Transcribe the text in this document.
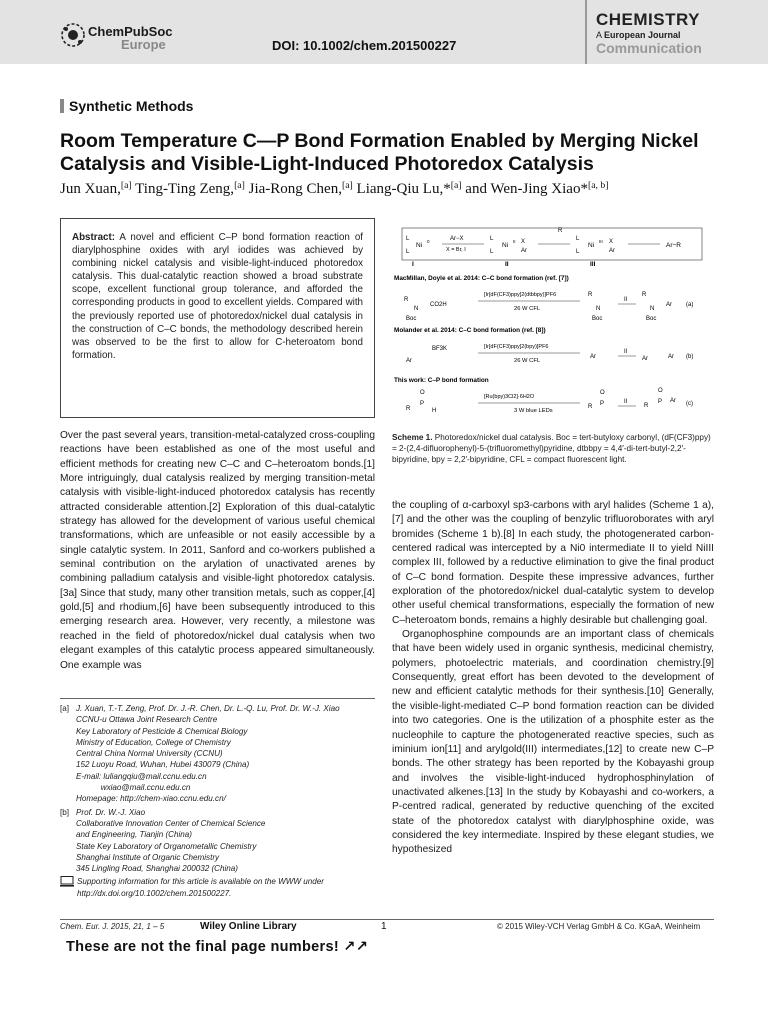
ChemPubSoc
Europe	DOI: 10.1002/chem.201500227
CHEMISTRY
A European Journal
Communication
Synthetic Methods
Room Temperature C—P Bond Formation Enabled by Merging Nickel Catalysis and Visible-Light-Induced Photoredox Catalysis
Jun Xuan,[a] Ting-Ting Zeng,[a] Jia-Rong Chen,[a] Liang-Qiu Lu,*[a] and Wen-Jing Xiao*[a, b]
Abstract: A novel and efficient C–P bond formation reaction of diarylphosphine oxides with aryl iodides was achieved by combining nickel catalysis and visible-light-induced photoredox catalysis. This dual-catalytic reaction showed a broad substrate scope, excellent functional group tolerance, and afforded the corresponding products in good to excellent yields. Compared with the previously reported use of photoredox/nickel dual catalysis in the construction of C–C bonds, the methodology described herein was observed to be the first to allow for C-heteroatom bond formation.
L
L
Ni
0
I
Ar−X
X = Br, I
L
L
Ni
II X
Ar
II
R
L
L
Ni
III X
Ar
III
Ar−R
MacMillan, Doyle et al. 2014: C–C bond formation (ref. [7])
R
N
CO2H
Boc
[Ir[dF(CF3)ppy]2(dtbbpy)]PF6
26 W CFL
R
N
Boc
II
R
N
Ar
Boc
(a)
Molander et al. 2014: C–C bond formation (ref. [8])
BF3K
Ar
[Ir[dF(CF3)ppy]2(bpy)]PF6
26 W CFL
Ar
II
Ar	Ar (b)
This work: C–P bond formation
O
P
R	H
[Ru(bpy)3Cl2]·6H2O
3 W blue LEDs
O
P
R
II
O
P
R
Ar (c)
Scheme 1. Photoredox/nickel dual catalysis. Boc = tert-butyloxy carbonyl, (dF(CF3)ppy) = 2-(2,4-difluorophenyl)-5-(trifluoromethyl)pyridine, dtbbpy = 4,4′-di-tert-butyl-2,2′-bipyridine, bpy = 2,2′-bipyridine, CFL = compact fluorescent light.
Over the past several years, transition-metal-catalyzed cross-coupling reactions have been established as one of the most useful and efficient methods for creating new C–C and C–heteroatom bonds.[1] More intriguingly, dual catalysis realized by merging transition-metal catalysis with visible-light-induced photoredox catalysis has recently attracted considerable attention.[2] Exploration of this dual-catalytic strategy has allowed for the development of various useful chemical transformations, which are unfeasible or not easily accessible by a single catalytic system. In 2011, Sanford and co-workers published a seminal contribution on the arylation of unactivated arenes by combining palladium catalysis and visible-light photoredox catalysis.[3a] Since that study, many other transition metals, such as copper,[4] gold,[5] and rhodium,[6] have been subsequently introduced to this emerging research area. However, very recently, a milestone was reached in the field of photoredox/nickel dual catalysis when two elegant examples of this catalytic process appeared simultaneously. One example was
the coupling of α-carboxyl sp3-carbons with aryl halides (Scheme 1 a),[7] and the other was the coupling of benzylic trifluoroborates with aryl bromides (Scheme 1 b).[8] In each study, the photogenerated carbon-centered radical was intercepted by a Ni0 intermediate II to yield NiIII complex III, followed by a reductive elimination to give the final product of C–C bond formation. Despite these impressive advances, further exploration of the photoredox/nickel dual-catalytic system to develop other useful chemical transformations, especially the formation of new C–heteroatom bonds, remains a highly desirable but challenging goal.
Organophosphine compounds are an important class of chemicals that have been widely used in organic synthesis, medicinal chemistry, polymers, photoelectric materials, and coordination chemistry.[9] Consequently, great effort has been devoted to the development of new and efficient catalytic methods for their synthesis.[10] Generally, the visible-light-mediated C–P bond formation reaction can be divided into two categories. One is the utilization of a phosphite ester as the nucleophile to capture the photogenerated reactive species, such as iminium ion[11] and arylgold(III) intermediates,[12] to create new C–P bonds. The other strategy has been reported by the Kobayashi group and involves the visible-light-induced hydrophosphinylation of unactivated alkenes.[13] In the study by Kobayashi and co-workers, a P-centred radical, generated by reductive quenching of the excited state of the photoredox catalyst with diarylphosphine oxide, was considered the key intermediate. Inspired by these elegant studies, we hypothesized
[a] J. Xuan, T.-T. Zeng, Prof. Dr. J.-R. Chen, Dr. L.-Q. Lu, Prof. Dr. W.-J. Xiao
CCNU-u Ottawa Joint Research Centre
Key Laboratory of Pesticide & Chemical Biology
Ministry of Education, College of Chemistry
Central China Normal University (CCNU)
152 Luoyu Road, Wuhan, Hubei 430079 (China)
E-mail: luliangqiu@mail.ccnu.edu.cn
wxiao@mail.ccnu.edu.cn
Homepage: http://chem-xiao.ccnu.edu.cn/
[b] Prof. Dr. W.-J. Xiao
Collaborative Innovation Center of Chemical Science
and Engineering, Tianjin (China)
State Key Laboratory of Organometallic Chemistry
Shanghai Institute of Organic Chemistry
345 Lingling Road, Shanghai 200032 (China)
Supporting information for this article is available on the WWW under
http://dx.doi.org/10.1002/chem.201500227.
Chem. Eur. J. 2015, 21, 1 – 5	Wiley Online Library	1	© 2015 Wiley-VCH Verlag GmbH & Co. KGaA, Weinheim
These are not the final page numbers! ↗↗
